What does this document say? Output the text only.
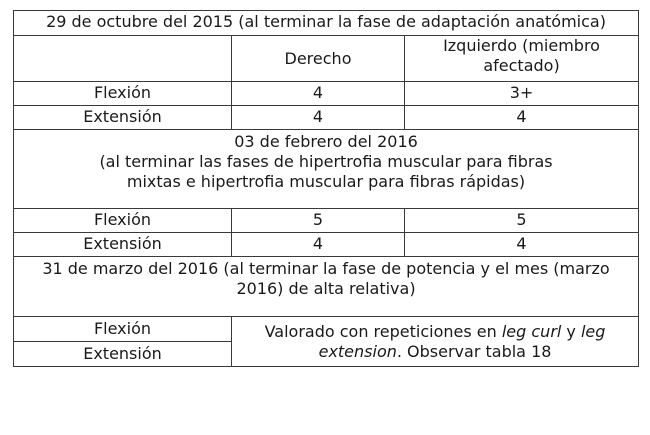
29 de octubre del 2015 (al terminar la fase de adaptación anatómica)		
	Derecho	Izquierdo (miembro afectado)
Flexión	4	3+
Extensión	4	4

03 de febrero del 2016
(al terminar las fases de hipertrofia muscular para fibras mixtas e hipertrofia muscular para fibras rápidas)		

Flexión	5	5
Extensión	4	4
31 de marzo del 2016 (al terminar la fase de potencia y el mes (marzo 2016) de alta relativa)		
Flexión	Valorado con repeticiones en leg curl y leg extension. Observar tabla 18	
Extensión		
